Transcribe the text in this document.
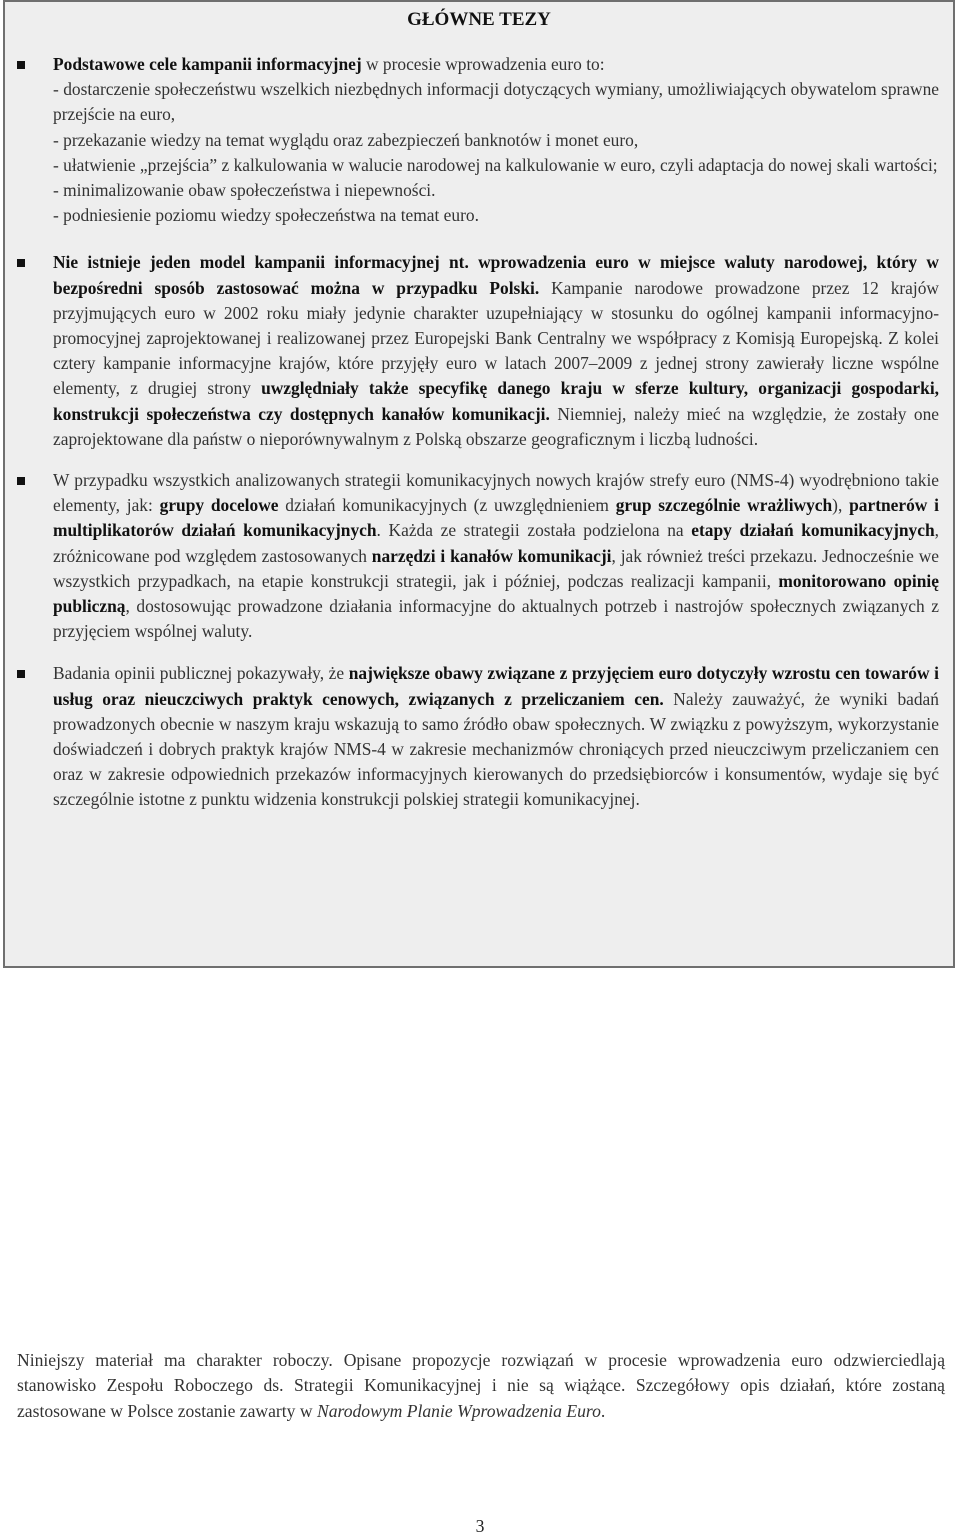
GŁÓWNE TEZY

Podstawowe cele kampanii informacyjnej w procesie wprowadzenia euro to:

- dostarczenie społeczeństwu wszelkich niezbędnych informacji dotyczących wymiany, umożliwiających obywatelom sprawne przejście na euro,
- przekazanie wiedzy na temat wyglądu oraz zabezpieczeń banknotów i monet euro,
- ułatwienie „przejścia” z kalkulowania w walucie narodowej na kalkulowanie w euro, czyli adaptacja do nowej skali wartości;
- minimalizowanie obaw społeczeństwa i niepewności.
- podniesienie poziomu wiedzy społeczeństwa na temat euro.

Nie istnieje jeden model kampanii informacyjnej nt. wprowadzenia euro w miejsce waluty narodowej, który w bezpośredni sposób zastosować można w przypadku Polski. Kampanie narodowe prowadzone przez 12 krajów przyjmujących euro w 2002 roku miały jedynie charakter uzupełniający w stosunku do ogólnej kampanii informacyjno-promocyjnej zaprojektowanej i realizowanej przez Europejski Bank Centralny we współpracy z Komisją Europejską. Z kolei cztery kampanie informacyjne krajów, które przyjęły euro w latach 2007–2009 z jednej strony zawierały liczne wspólne elementy, z drugiej strony uwzględniały także specyfikę danego kraju w sferze kultury, organizacji gospodarki, konstrukcji społeczeństwa czy dostępnych kanałów komunikacji. Niemniej, należy mieć na względzie, że zostały one zaprojektowane dla państw o nieporównywalnym z Polską obszarze geograficznym i liczbą ludności.

W przypadku wszystkich analizowanych strategii komunikacyjnych nowych krajów strefy euro (NMS-4) wyodrębniono takie elementy, jak: grupy docelowe działań komunikacyjnych (z uwzględnieniem grup szczególnie wrażliwych), partnerów i multiplikatorów działań komunikacyjnych. Każda ze strategii została podzielona na etapy działań komunikacyjnych, zróżnicowane pod względem zastosowanych narzędzi i kanałów komunikacji, jak również treści przekazu. Jednocześnie we wszystkich przypadkach, na etapie konstrukcji strategii, jak i później, podczas realizacji kampanii, monitorowano opinię publiczną, dostosowując prowadzone działania informacyjne do aktualnych potrzeb i nastrojów społecznych związanych z przyjęciem wspólnej waluty.

Badania opinii publicznej pokazywały, że największe obawy związane z przyjęciem euro dotyczyły wzrostu cen towarów i usług oraz nieuczciwych praktyk cenowych, związanych z przeliczaniem cen. Należy zauważyć, że wyniki badań prowadzonych obecnie w naszym kraju wskazują to samo źródło obaw społecznych. W związku z powyższym, wykorzystanie doświadczeń i dobrych praktyk krajów NMS-4 w zakresie mechanizmów chroniących przed nieuczciwym przeliczaniem cen oraz w zakresie odpowiednich przekazów informacyjnych kierowanych do przedsiębiorców i konsumentów, wydaje się być szczególnie istotne z punktu widzenia konstrukcji polskiej strategii komunikacyjnej.

Niniejszy materiał ma charakter roboczy. Opisane propozycje rozwiązań w procesie wprowadzenia euro odzwierciedlają stanowisko Zespołu Roboczego ds. Strategii Komunikacyjnej i nie są wiążące. Szczegółowy opis działań, które zostaną zastosowane w Polsce zostanie zawarty w Narodowym Planie Wprowadzenia Euro.

3
